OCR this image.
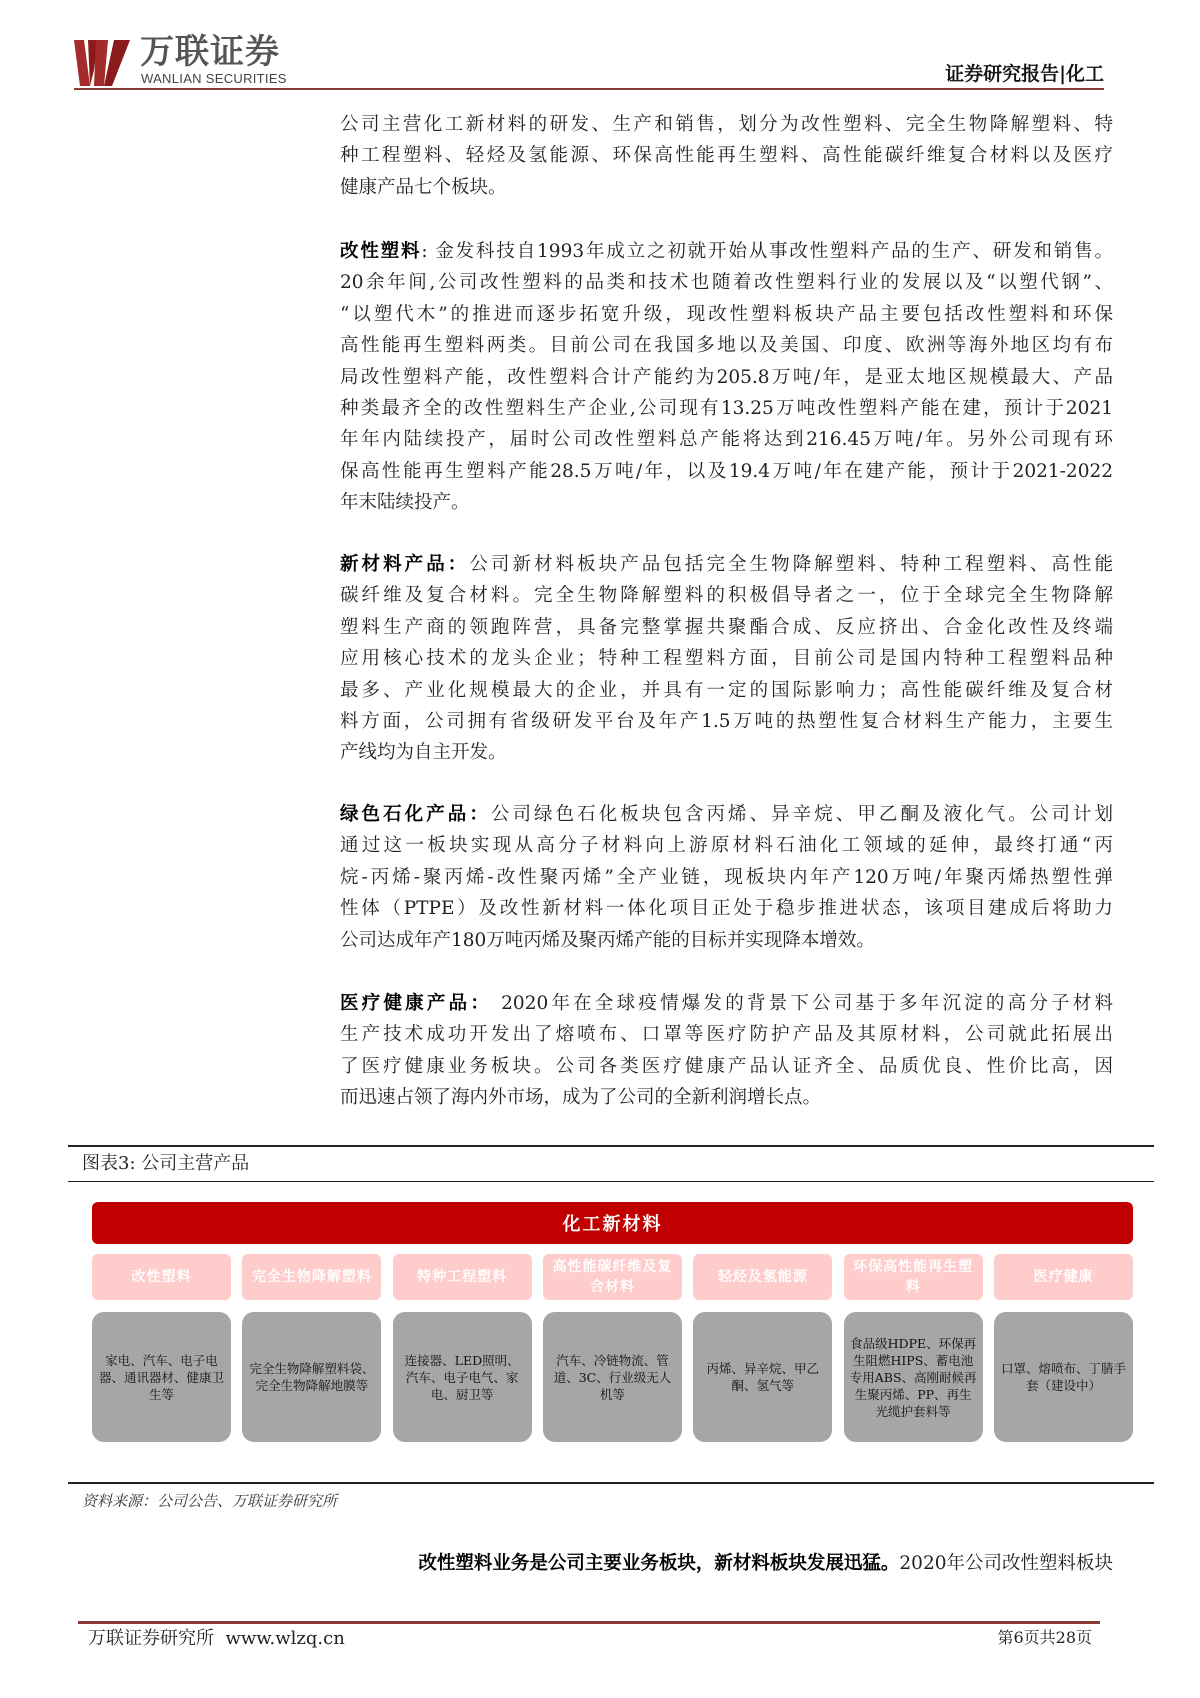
万联证券
WANLIAN SECURITIES	证券研究报告|化工
公司主营化工新材料的研发、生产和销售，划分为改性塑料、完全生物降解塑料、特
种工程塑料、轻烃及氢能源、环保高性能再生塑料、高性能碳纤维复合材料以及医疗
健康产品七个板块。
改性塑料: 金发科技自1993年成立之初就开始从事改性塑料产品的生产、研发和销售。
20余年间,公司改性塑料的品类和技术也随着改性塑料行业的发展以及“以塑代钢”、
“以塑代木”的推进而逐步拓宽升级，现改性塑料板块产品主要包括改性塑料和环保
高性能再生塑料两类。目前公司在我国多地以及美国、印度、欧洲等海外地区均有布
局改性塑料产能，改性塑料合计产能约为205.8万吨/年，是亚太地区规模最大、产品
种类最齐全的改性塑料生产企业,公司现有13.25万吨改性塑料产能在建，预计于2021
年年内陆续投产，届时公司改性塑料总产能将达到216.45万吨/年。另外公司现有环
保高性能再生塑料产能28.5万吨/年，以及19.4万吨/年在建产能，预计于2021-2022
年末陆续投产。
新材料产品：公司新材料板块产品包括完全生物降解塑料、特种工程塑料、高性能
碳纤维及复合材料。完全生物降解塑料的积极倡导者之一，位于全球完全生物降解
塑料生产商的领跑阵营，具备完整掌握共聚酯合成、反应挤出、合金化改性及终端
应用核心技术的龙头企业；特种工程塑料方面，目前公司是国内特种工程塑料品种
最多、产业化规模最大的企业，并具有一定的国际影响力；高性能碳纤维及复合材
料方面，公司拥有省级研发平台及年产1.5万吨的热塑性复合材料生产能力，主要生
产线均为自主开发。
绿色石化产品：公司绿色石化板块包含丙烯、异辛烷、甲乙酮及液化气。公司计划
通过这一板块实现从高分子材料向上游原材料石油化工领域的延伸，最终打通“丙
烷-丙烯-聚丙烯-改性聚丙烯”全产业链，现板块内年产120万吨/年聚丙烯热塑性弹
性体（PTPE）及改性新材料一体化项目正处于稳步推进状态，该项目建成后将助力
公司达成年产180万吨丙烯及聚丙烯产能的目标并实现降本增效。
医疗健康产品： 2020年在全球疫情爆发的背景下公司基于多年沉淀的高分子材料
生产技术成功开发出了熔喷布、口罩等医疗防护产品及其原材料，公司就此拓展出
了医疗健康业务板块。公司各类医疗健康产品认证齐全、品质优良、性价比高，因
而迅速占领了海内外市场，成为了公司的全新利润增长点。
图表3: 公司主营产品
化工新材料
改性塑料
家电、汽车、电子电器、通讯器材、健康卫生等
完全生物降解塑料
完全生物降解塑料袋、完全生物降解地膜等
特种工程塑料
连接器、LED照明、汽车、电子电气、家电、厨卫等
高性能碳纤维及复合材料
汽车、冷链物流、管道、3C、行业级无人机等
轻烃及氢能源
丙烯、异辛烷、甲乙酮、氢气等
环保高性能再生塑料
食品级HDPE、环保再生阻燃HIPS、蓄电池专用ABS、高刚耐候再生聚丙烯、PP、再生光缆护套料等
医疗健康
口罩、熔喷布、丁腈手套（建设中）
资料来源：公司公告、万联证券研究所
改性塑料业务是公司主要业务板块，新材料板块发展迅猛。2020年公司改性塑料板块
万联证券研究所  www.wlzq.cn	第6页共28页
